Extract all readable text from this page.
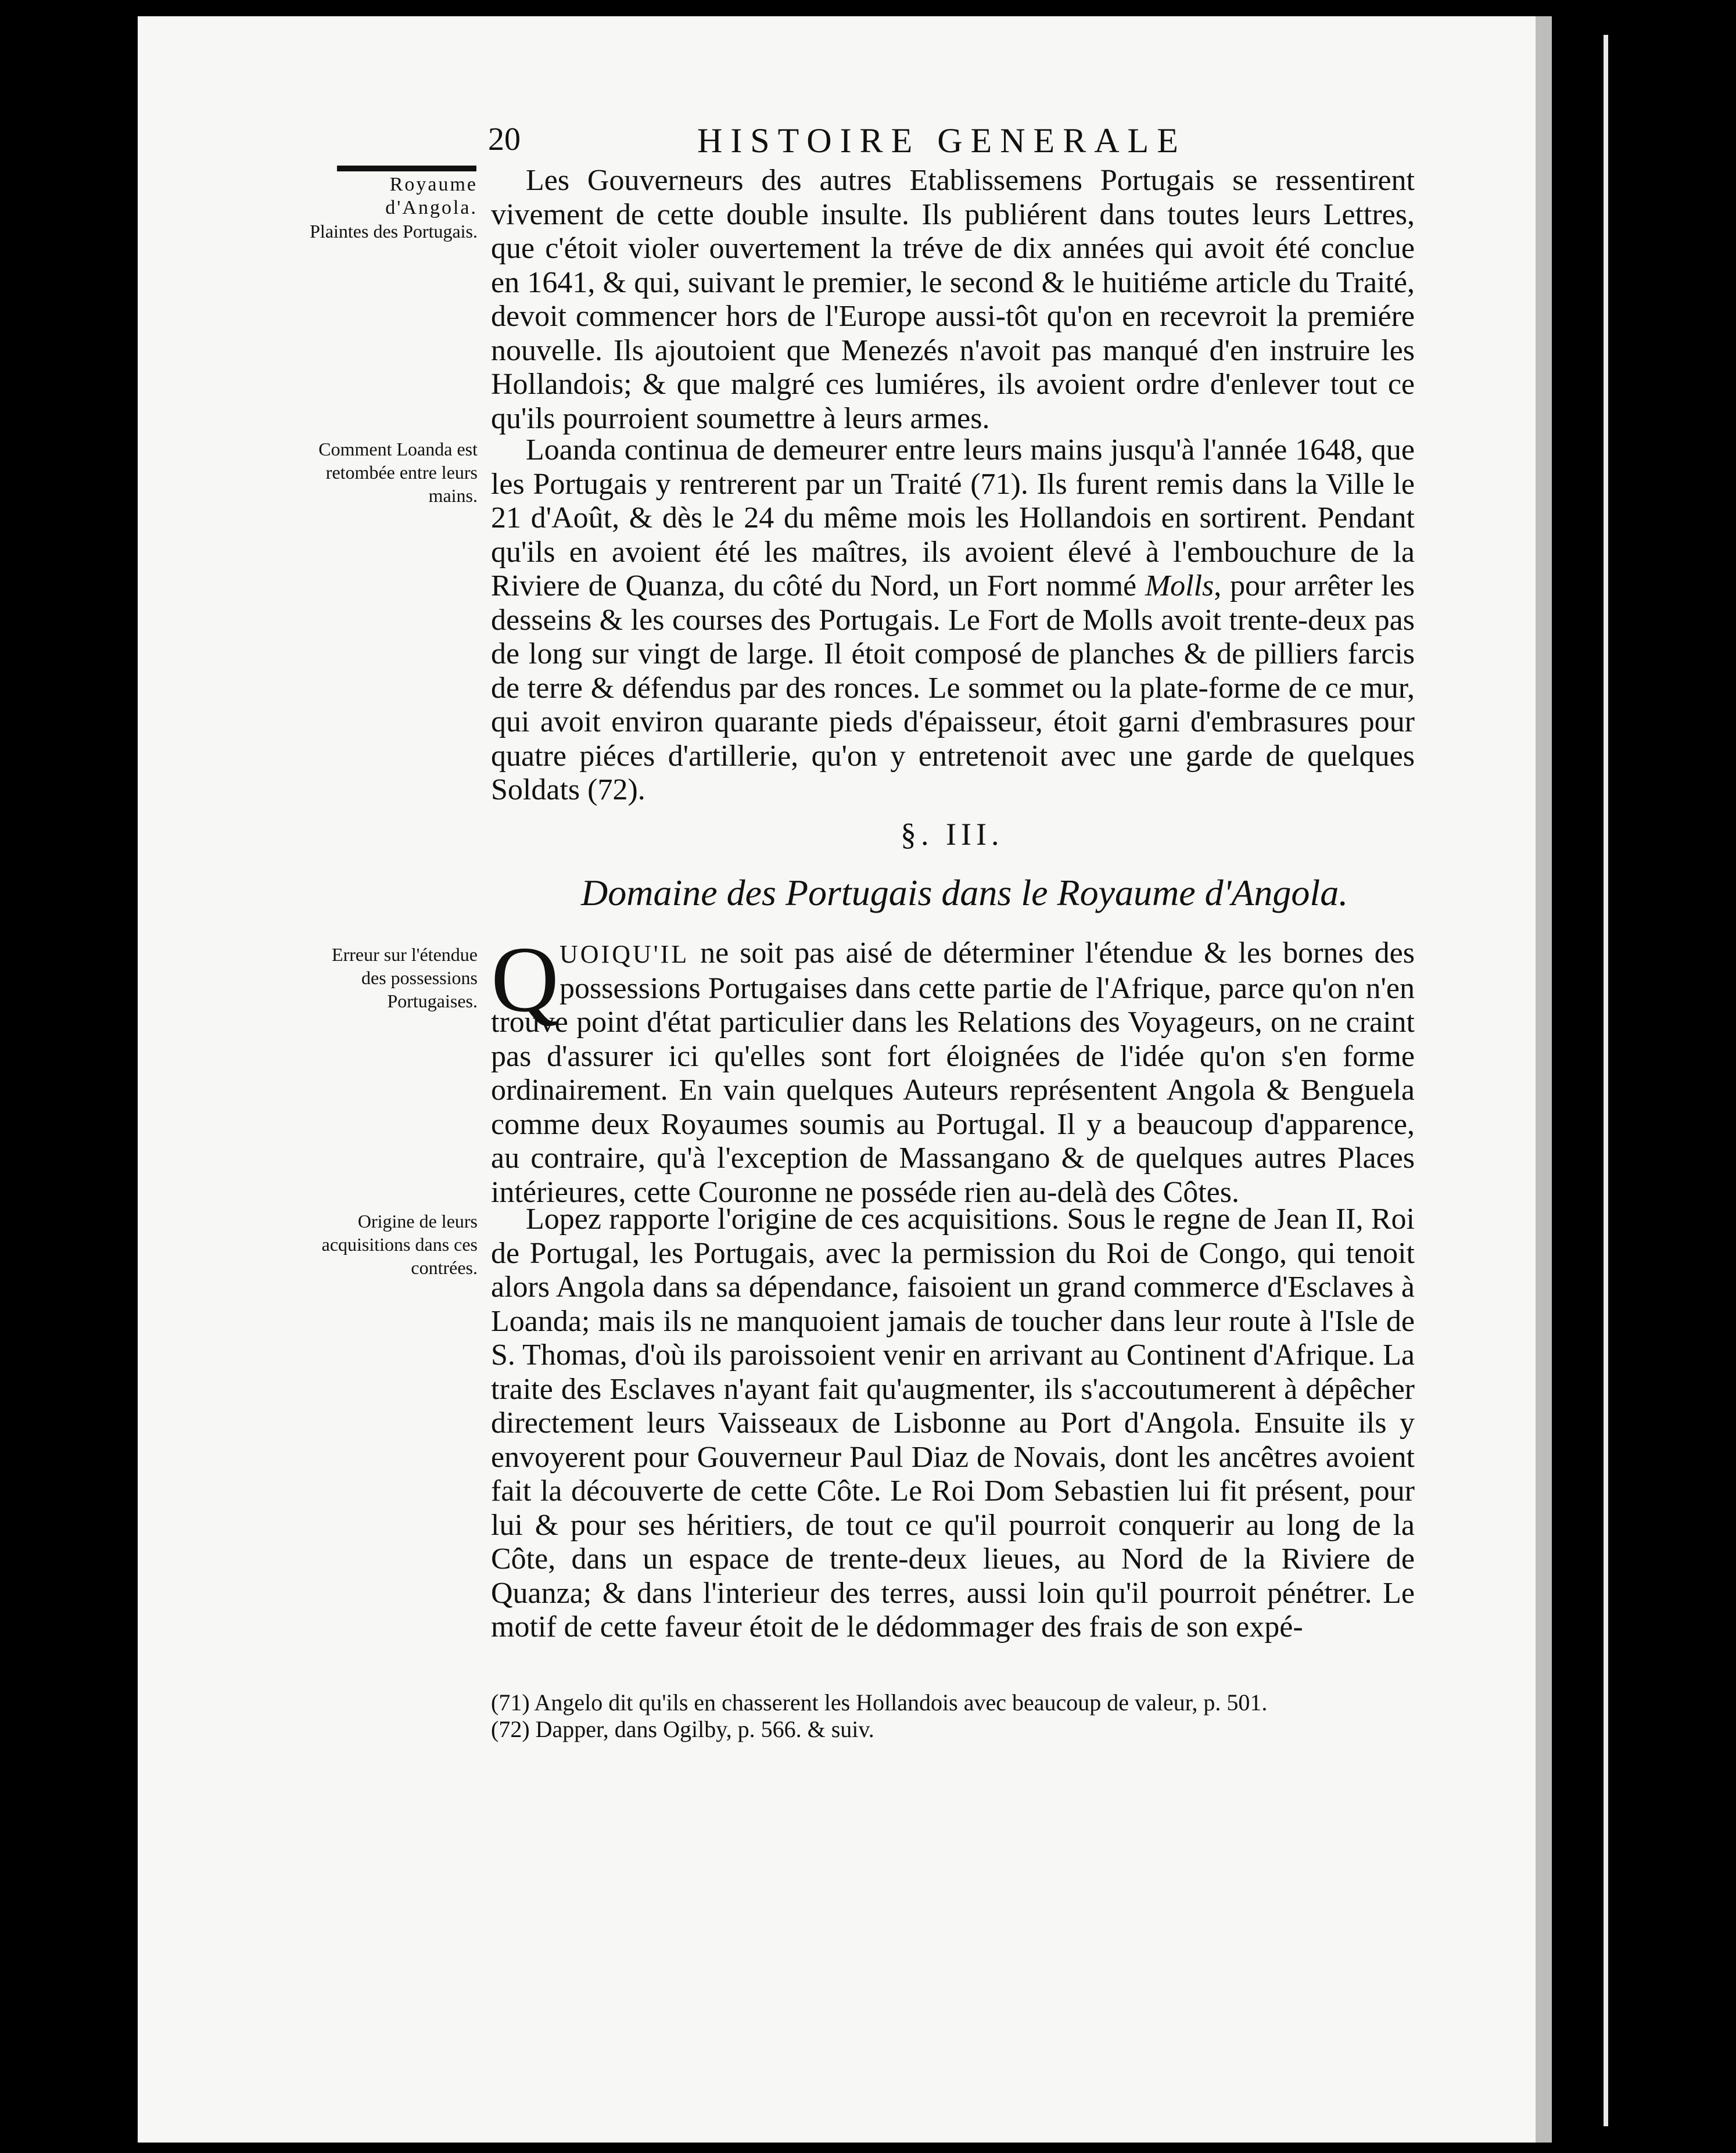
20	HISTOIRE GENERALE
Royaume
d'Angola.
Plaintes des Portugais.
Comment Loanda est retombée entre leurs mains.
Erreur sur l'étendue des possessions Portugaises.
Origine de leurs acquisitions dans ces contrées.

Les Gouverneurs des autres Etablissemens Portugais se ressentirent vivement de cette double insulte. Ils publiérent dans toutes leurs Lettres, que c'étoit violer ouvertement la tréve de dix années qui avoit été conclue en 1641, & qui, suivant le premier, le second & le huitiéme article du Traité, devoit commencer hors de l'Europe aussi-tôt qu'on en recevroit la premiére nouvelle. Ils ajoutoient que Menezés n'avoit pas manqué d'en instruire les Hollandois; & que malgré ces lumiéres, ils avoient ordre d'enlever tout ce qu'ils pourroient soumettre à leurs armes.

Loanda continua de demeurer entre leurs mains jusqu'à l'année 1648, que les Portugais y rentrerent par un Traité (71). Ils furent remis dans la Ville le 21 d'Août, & dès le 24 du même mois les Hollandois en sortirent. Pendant qu'ils en avoient été les maîtres, ils avoient élevé à l'embouchure de la Riviere de Quanza, du côté du Nord, un Fort nommé Molls, pour arrêter les desseins & les courses des Portugais. Le Fort de Molls avoit trente-deux pas de long sur vingt de large. Il étoit composé de planches & de pilliers farcis de terre & défendus par des ronces. Le sommet ou la plate-forme de ce mur, qui avoit environ quarante pieds d'épaisseur, étoit garni d'embrasures pour quatre piéces d'artillerie, qu'on y entretenoit avec une garde de quelques Soldats (72).

§. III.
Domaine des Portugais dans le Royaume d'Angola.
UOIQU'IL ne soit pas aisé de déterminer l'étendue & les bornes des possessions Portugaises dans cette partie de l'Afrique, parce qu'on n'en trouve point d'état particulier dans les Relations des Voyageurs, on ne craint pas d'assurer ici qu'elles sont fort éloignées de l'idée qu'on s'en forme ordinairement. En vain quelques Auteurs représentent Angola & Benguela comme deux Royaumes soumis au Portugal. Il y a beaucoup d'apparence, au contraire, qu'à l'exception de Massangano & de quelques autres Places intérieures, cette Couronne ne posséde rien au-delà des Côtes.
Q

Lopez rapporte l'origine de ces acquisitions. Sous le regne de Jean II, Roi de Portugal, les Portugais, avec la permission du Roi de Congo, qui tenoit alors Angola dans sa dépendance, faisoient un grand commerce d'Esclaves à Loanda; mais ils ne manquoient jamais de toucher dans leur route à l'Isle de S. Thomas, d'où ils paroissoient venir en arrivant au Continent d'Afrique. La traite des Esclaves n'ayant fait qu'augmenter, ils s'accoutumerent à dépêcher directement leurs Vaisseaux de Lisbonne au Port d'Angola. Ensuite ils y envoyerent pour Gouverneur Paul Diaz de Novais, dont les ancêtres avoient fait la découverte de cette Côte. Le Roi Dom Sebastien lui fit présent, pour lui & pour ses héritiers, de tout ce qu'il pourroit conquerir au long de la Côte, dans un espace de trente-deux lieues, au Nord de la Riviere de Quanza; & dans l'interieur des terres, aussi loin qu'il pourroit pénétrer. Le motif de cette faveur étoit de le dédommager des frais de son expé-

(71) Angelo dit qu'ils en chasserent les Hollandois avec beaucoup de valeur, p. 501.
(72) Dapper, dans Ogilby, p. 566. & suiv.
